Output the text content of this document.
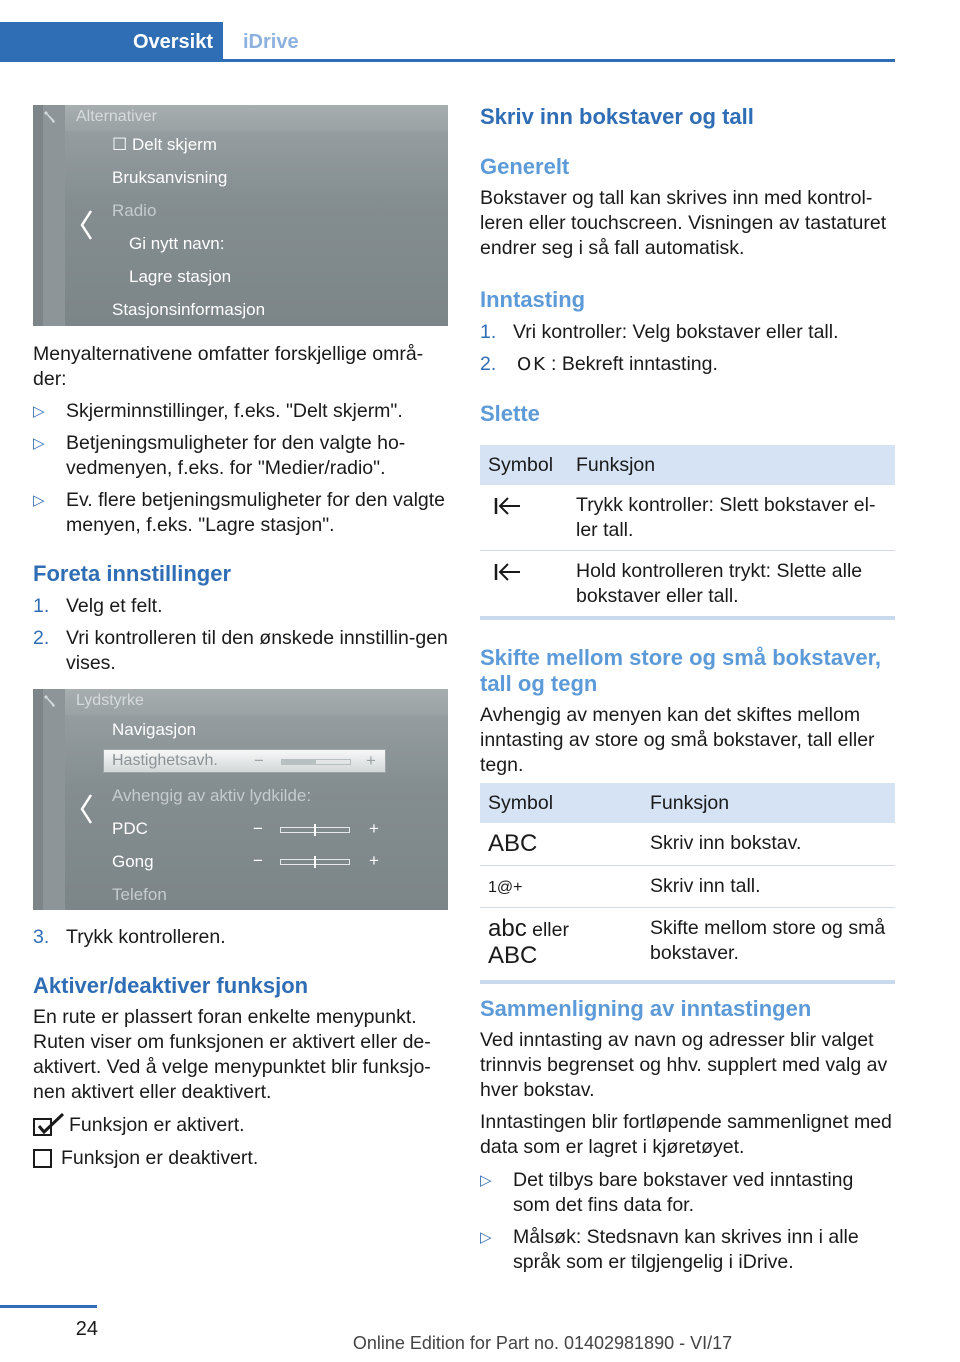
Oversikt	iDrive
Alternativer
☐ Delt skjerm
Bruksanvisning
Radio
Gi nytt navn:
Lagre stasjon
Stasjonsinformasjon

Menyalternativene omfatter forskjellige områ‐der:

▷ Skjerminnstillinger, f.eks. "Delt skjerm".
▷ Betjeningsmuligheter for den valgte ho‐vedmenyen, f.eks. for "Medier/radio".
▷ Ev. flere betjeningsmuligheter for den valgte menyen, f.eks. "Lagre stasjon".
Foreta innstillinger
1. Velg et felt.
2. Vri kontrolleren til den ønskede innstillin‐gen vises.
Lydstyrke
Navigasjon
Hastighetsavh. −	+
Avhengig av aktiv lydkilde:
PDC	−	+
Gong	−	+
Telefon
3. Trykk kontrolleren.
Aktiver/deaktiver funksjon

En rute er plassert foran enkelte menypunkt. Ruten viser om funksjonen er aktivert eller de‐aktivert. Ved å velge menypunktet blir funksjo‐nen aktivert eller deaktivert.

Funksjon er aktivert.
Funksjon er deaktivert.
Skriv inn bokstaver og tall
Generelt

Bokstaver og tall kan skrives inn med kontrol‐leren eller touchscreen. Visningen av tastaturet endrer seg i så fall automatisk.

Inntasting
1. Vri kontroller: Velg bokstaver eller tall.
2. OK : Bekreft inntasting.
Slette
Symbol	Funksjon
	Trykk kontroller: Slett bokstaver el‐ler tall.
	Hold kontrolleren trykt: Slette alle bokstaver eller tall.
Skifte mellom store og små bokstaver, tall og tegn

Avhengig av menyen kan det skiftes mellom inntasting av store og små bokstaver, tall eller tegn.

Symbol	Funksjon
ABC	Skriv inn bokstav.
1@+	Skriv inn tall.
abc eller
ABC	Skifte mellom store og små bokstaver.
Sammenligning av inntastingen

Ved inntasting av navn og adresser blir valget trinnvis begrenset og hhv. supplert med valg av hver bokstav.

Inntastingen blir fortløpende sammenlignet med data som er lagret i kjøretøyet.

▷ Det tilbys bare bokstaver ved inntasting som det fins data for.
▷ Målsøk: Stedsnavn kan skrives inn i alle språk som er tilgjengelig i iDrive.
24
Online Edition for Part no. 01402981890 - VI/17
